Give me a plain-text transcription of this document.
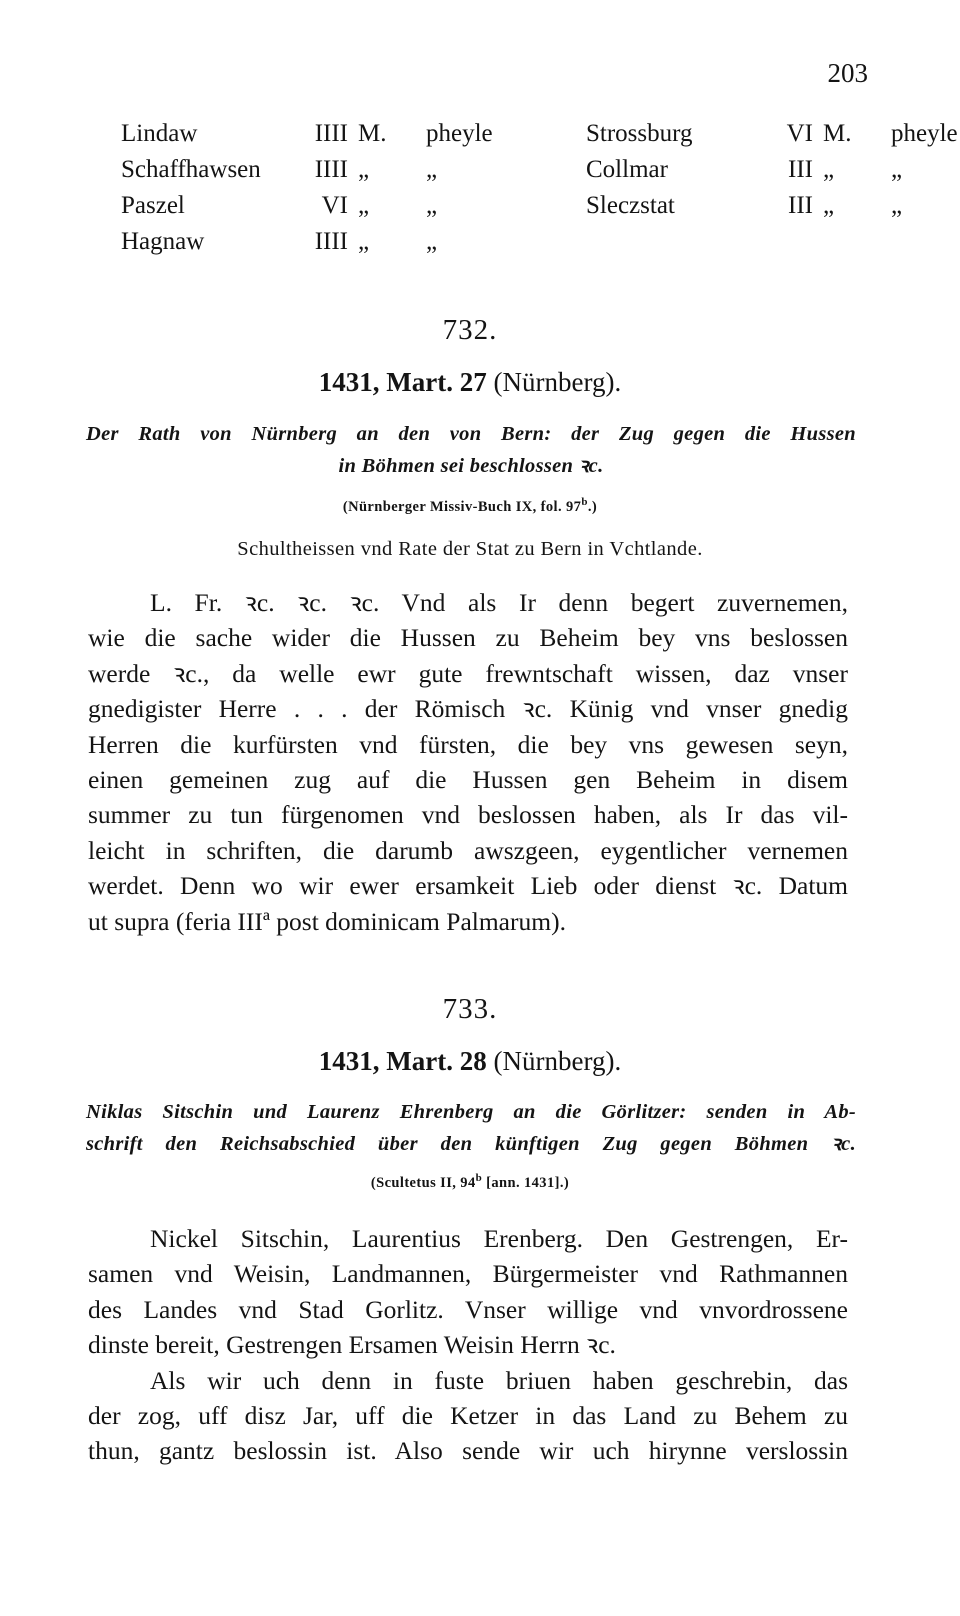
203
Lindaw	IIII	M.	pheyle	Strossburg	VI	M.	pheyle
Schaffhawsen	IIII	„	„	Collmar	III	„	„
Paszel	VI	„	„	Sleczstat	III	„	„
Hagnaw	IIII	„	„				
732.
1431, Mart. 27 (Nürnberg).
Der Rath von Nürnberg an den von Bern: der Zug gegen die Hussen
in Böhmen sei beschlossen ꝛc.
(Nürnberger Missiv-Buch IX, fol. 97$^b$.)
Schultheissen vnd Rate der Stat zu Bern in Vchtlande.
L. Fr. ꝛc. ꝛc. ꝛc. Vnd als Ir denn begert zuvernemen,
wie die sache wider die Hussen zu Beheim bey vns beslossen
werde ꝛc., da welle ewr gute frewntschaft wissen, daz vnser
gnedigister Herre . . . der Römisch ꝛc. Künig vnd vnser gnedig
Herren die kurfürsten vnd fürsten, die bey vns gewesen seyn,
einen gemeinen zug auf die Hussen gen Beheim in disem
summer zu tun fürgenomen vnd beslossen haben, als Ir das vil-
leicht in schriften, die darumb awszgeen, eygentlicher vernemen
werdet. Denn wo wir ewer ersamkeit Lieb oder dienst ꝛc. Datum
ut supra (feria IIIª post dominicam Palmarum).
733.
1431, Mart. 28 (Nürnberg).
Niklas Sitschin und Laurenz Ehrenberg an die Görlitzer: senden in Ab-
schrift den Reichsabschied über den künftigen Zug gegen Böhmen ꝛc.
(Scultetus II, 94$^b$ [ann. 1431].)
Nickel Sitschin, Laurentius Erenberg. Den Gestrengen, Er-
samen vnd Weisin, Landmannen, Bürgermeister vnd Rathmannen
des Landes vnd Stad Gorlitz. Vnser willige vnd vnvordrossene
dinste bereit, Gestrengen Ersamen Weisin Herrn ꝛc.
Als wir uch denn in fuste briuen haben geschrebin, das
der zog, uff disz Jar, uff die Ketzer in das Land zu Behem zu
thun, gantz beslossin ist. Also sende wir uch hirynne verslossin
